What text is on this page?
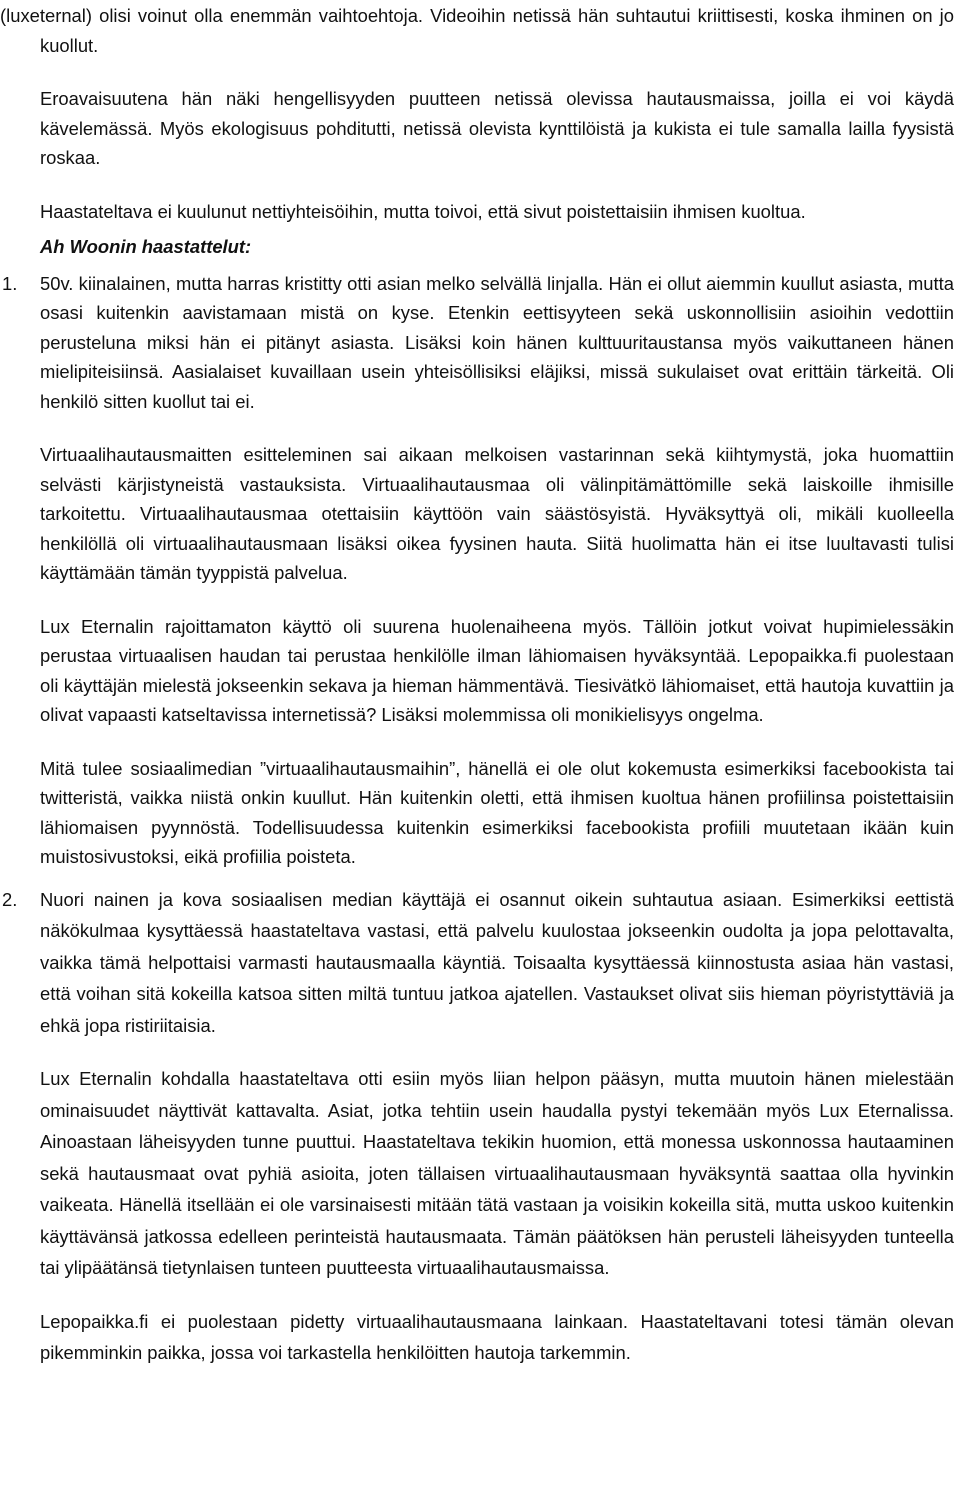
(luxeternal) olisi voinut olla enemmän vaihtoehtoja. Videoihin netissä hän suhtautui kriittisesti, koska ihminen on jo kuollut.

Eroavaisuutena hän näki hengellisyyden puutteen netissä olevissa hautausmaissa, joilla ei voi käydä kävelemässä. Myös ekologisuus pohditutti, netissä olevista kynttilöistä ja kukista ei tule samalla lailla fyysistä roskaa.

Haastateltava ei kuulunut nettiyhteisöihin, mutta toivoi, että sivut poistettaisiin ihmisen kuoltua.

Ah Woonin haastattelut:
1. 50v. kiinalainen, mutta harras kristitty otti asian melko selvällä linjalla. Hän ei ollut aiemmin kuullut asiasta, mutta osasi kuitenkin aavistamaan mistä on kyse. Etenkin eettisyyteen sekä uskonnollisiin asioihin vedottiin perusteluna miksi hän ei pitänyt asiasta. Lisäksi koin hänen kulttuuritaustansa myös vaikuttaneen hänen mielipiteisiinsä. Aasialaiset kuvaillaan usein yhteisöllisiksi eläjiksi, missä sukulaiset ovat erittäin tärkeitä. Oli henkilö sitten kuollut tai ei.

Virtuaalihautausmaitten esitteleminen sai aikaan melkoisen vastarinnan sekä kiihtymystä, joka huomattiin selvästi kärjistyneistä vastauksista. Virtuaalihautausmaa oli välinpitämättömille sekä laiskoille ihmisille tarkoitettu. Virtuaalihautausmaa otettaisiin käyttöön vain säästösyistä. Hyväksyttyä oli, mikäli kuolleella henkilöllä oli virtuaalihautausmaan lisäksi oikea fyysinen hauta. Siitä huolimatta hän ei itse luultavasti tulisi käyttämään tämän tyyppistä palvelua.

Lux Eternalin rajoittamaton käyttö oli suurena huolenaiheena myös. Tällöin jotkut voivat hupimielessäkin perustaa virtuaalisen haudan tai perustaa henkilölle ilman lähiomaisen hyväksyntää. Lepopaikka.fi puolestaan oli käyttäjän mielestä jokseenkin sekava ja hieman hämmentävä. Tiesivätkö lähiomaiset, että hautoja kuvattiin ja olivat vapaasti katseltavissa internetissä? Lisäksi molemmissa oli monikielisyys ongelma.

Mitä tulee sosiaalimedian ”virtuaalihautausmaihin”, hänellä ei ole olut kokemusta esimerkiksi facebookista tai twitteristä, vaikka niistä onkin kuullut. Hän kuitenkin oletti, että ihmisen kuoltua hänen profiilinsa poistettaisiin lähiomaisen pyynnöstä. Todellisuudessa kuitenkin esimerkiksi facebookista profiili muutetaan ikään kuin muistosivustoksi, eikä profiilia poisteta.

2. Nuori nainen ja kova sosiaalisen median käyttäjä ei osannut oikein suhtautua asiaan. Esimerkiksi eettistä näkökulmaa kysyttäessä haastateltava vastasi, että palvelu kuulostaa jokseenkin oudolta ja jopa pelottavalta, vaikka tämä helpottaisi varmasti hautausmaalla käyntiä. Toisaalta kysyttäessä kiinnostusta asiaa hän vastasi, että voihan sitä kokeilla katsoa sitten miltä tuntuu jatkoa ajatellen. Vastaukset olivat siis hieman pöyristyttäviä ja ehkä jopa ristiriitaisia.

Lux Eternalin kohdalla haastateltava otti esiin myös liian helpon pääsyn, mutta muutoin hänen mielestään ominaisuudet näyttivät kattavalta. Asiat, jotka tehtiin usein haudalla pystyi tekemään myös Lux Eternalissa. Ainoastaan läheisyyden tunne puuttui. Haastateltava tekikin huomion, että monessa uskonnossa hautaaminen sekä hautausmaat ovat pyhiä asioita, joten tällaisen virtuaalihautausmaan hyväksyntä saattaa olla hyvinkin vaikeata. Hänellä itsellään ei ole varsinaisesti mitään tätä vastaan ja voisikin kokeilla sitä, mutta uskoo kuitenkin käyttävänsä jatkossa edelleen perinteistä hautausmaata. Tämän päätöksen hän perusteli läheisyyden tunteella tai ylipäätänsä tietynlaisen tunteen puutteesta virtuaalihautausmaissa.

Lepopaikka.fi ei puolestaan pidetty virtuaalihautausmaana lainkaan. Haastateltavani totesi tämän olevan pikemminkin paikka, jossa voi tarkastella henkilöitten hautoja tarkemmin.
